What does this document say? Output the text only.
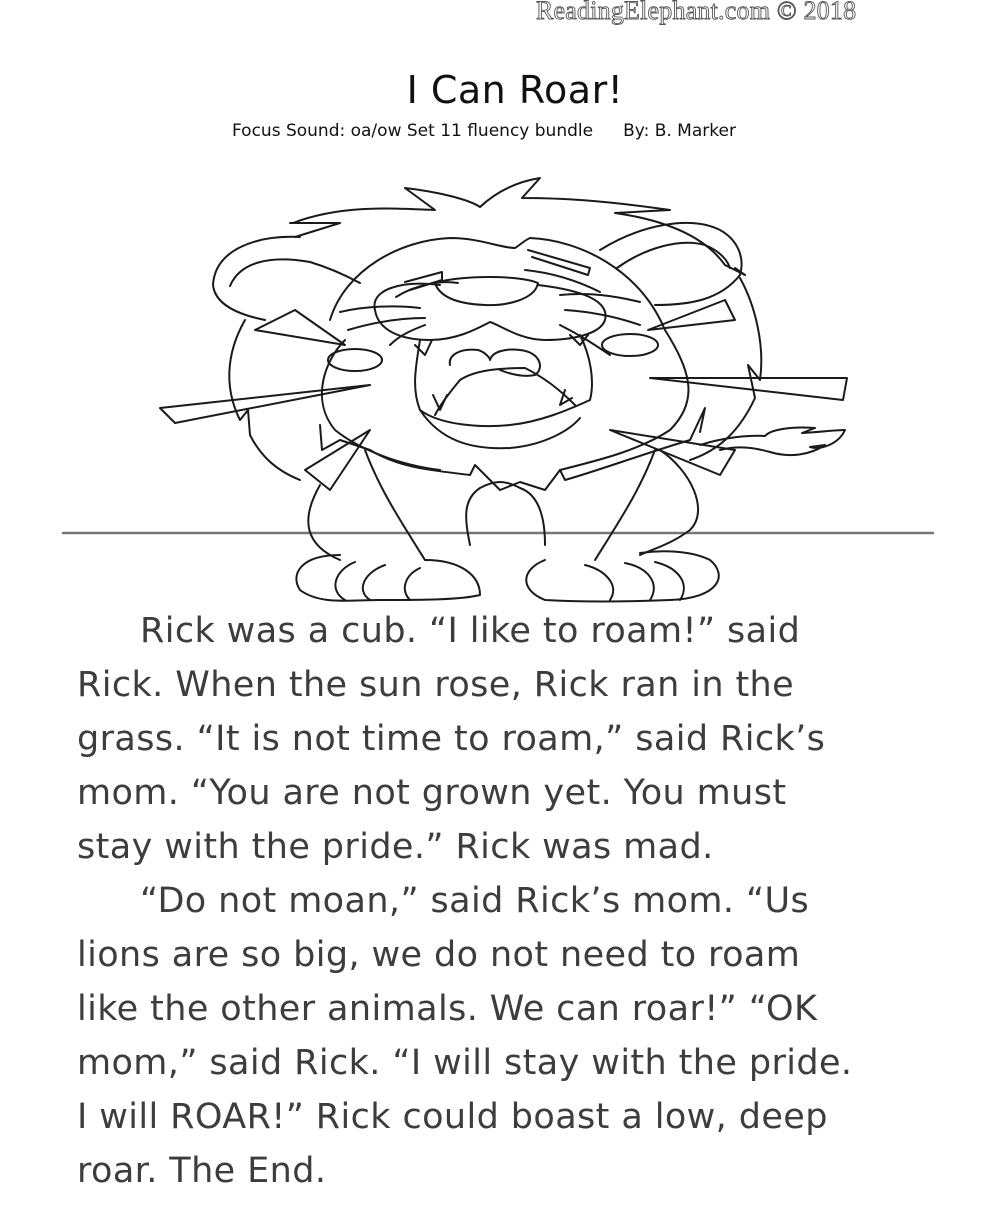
ReadingElephant.com © 2018
I Can Roar!
Focus Sound: oa/ow Set 11 fluency bundle By: B. Marker
Rick was a cub. “I like to roam!” said
Rick. When the sun rose, Rick ran in the
grass. “It is not time to roam,” said Rick’s
mom. “You are not grown yet. You must
stay with the pride.” Rick was mad.
“Do not moan,” said Rick’s mom. “Us
lions are so big, we do not need to roam
like the other animals. We can roar!” “OK
mom,” said Rick. “I will stay with the pride.
I will ROAR!” Rick could boast a low, deep
roar. The End.
